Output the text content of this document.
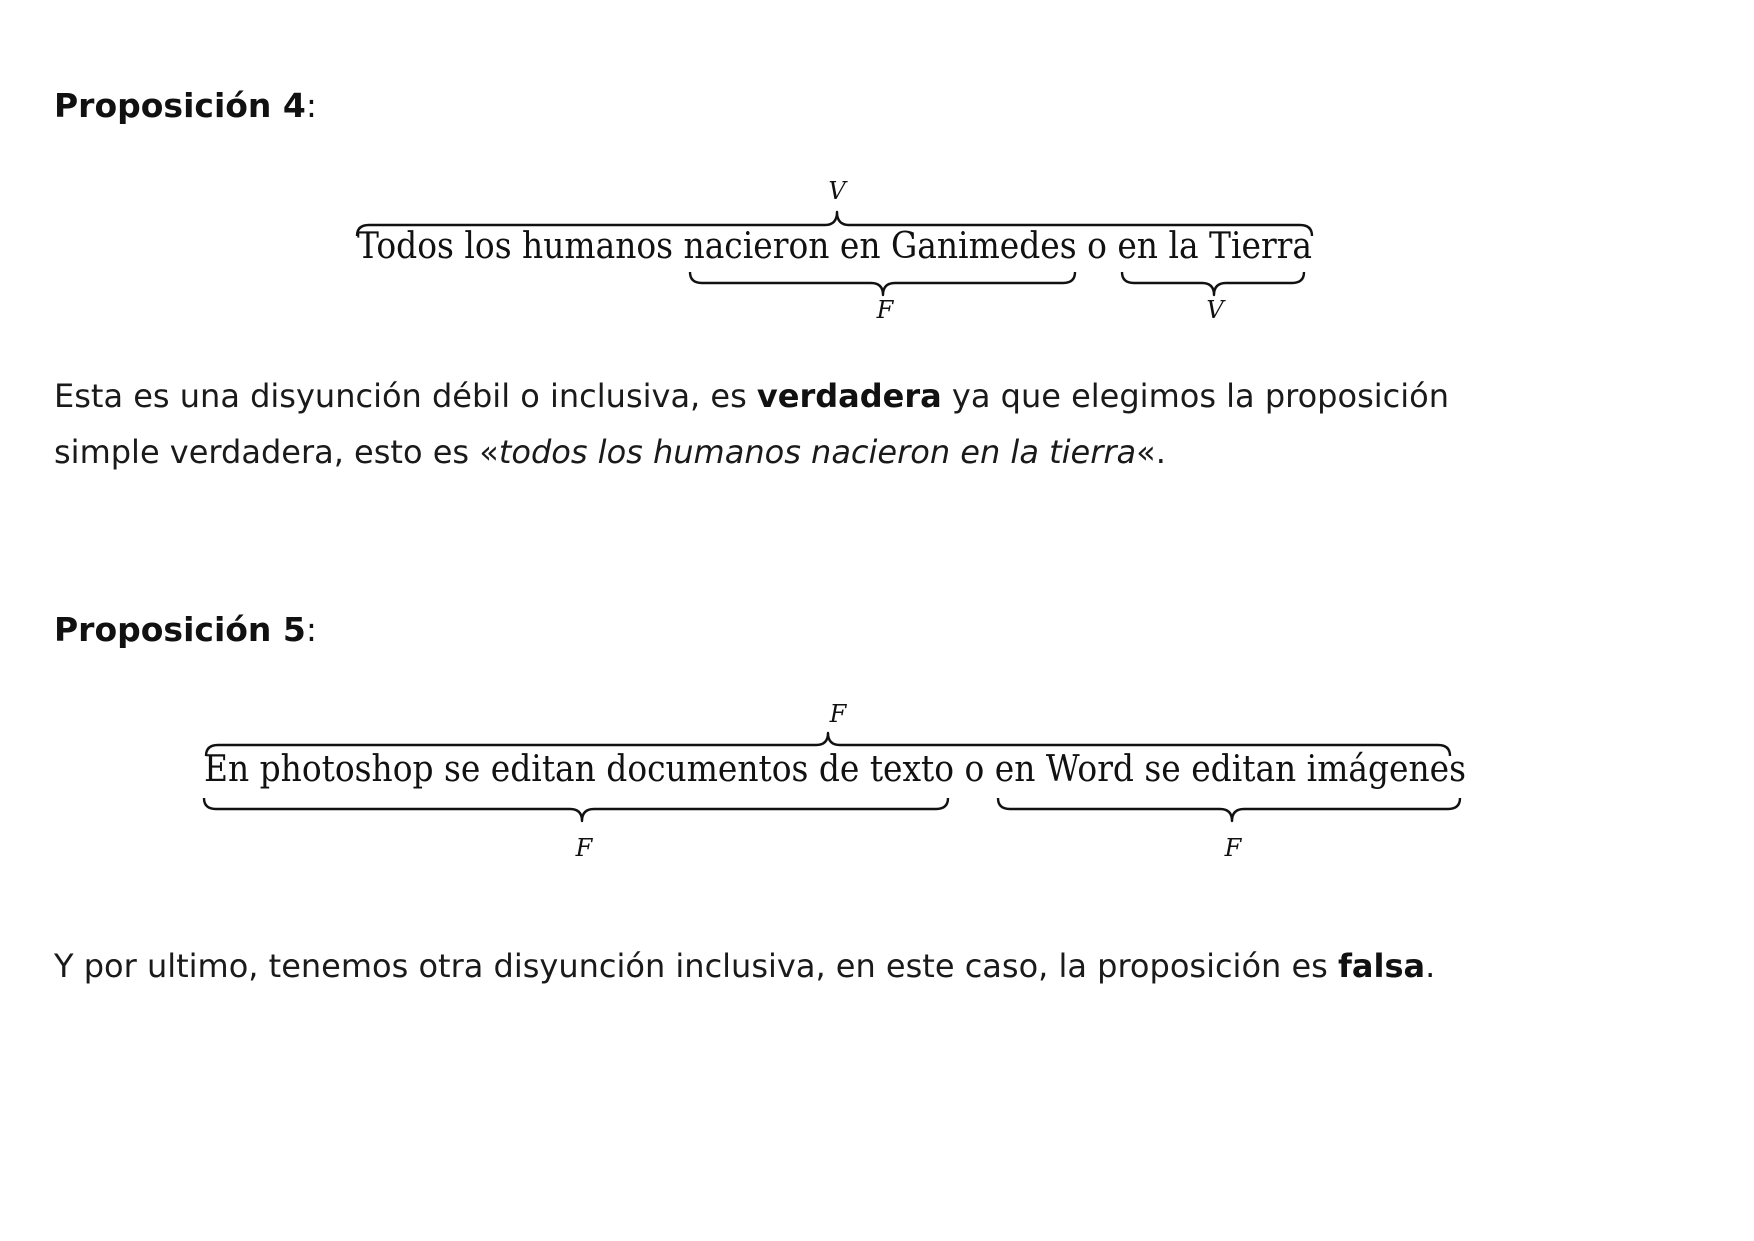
Proposición 4:
V
Todos los humanos nacieron en Ganimedes o en la Tierra
F	V

Esta es una disyunción débil o inclusiva, es verdadera ya que elegimos la proposición

simple verdadera, esto es «todos los humanos nacieron en la tierra«.

Proposición 5:
F
En photoshop se editan documentos de texto o en Word se editan imágenes
F	F

Y por ultimo, tenemos otra disyunción inclusiva, en este caso, la proposición es falsa.
